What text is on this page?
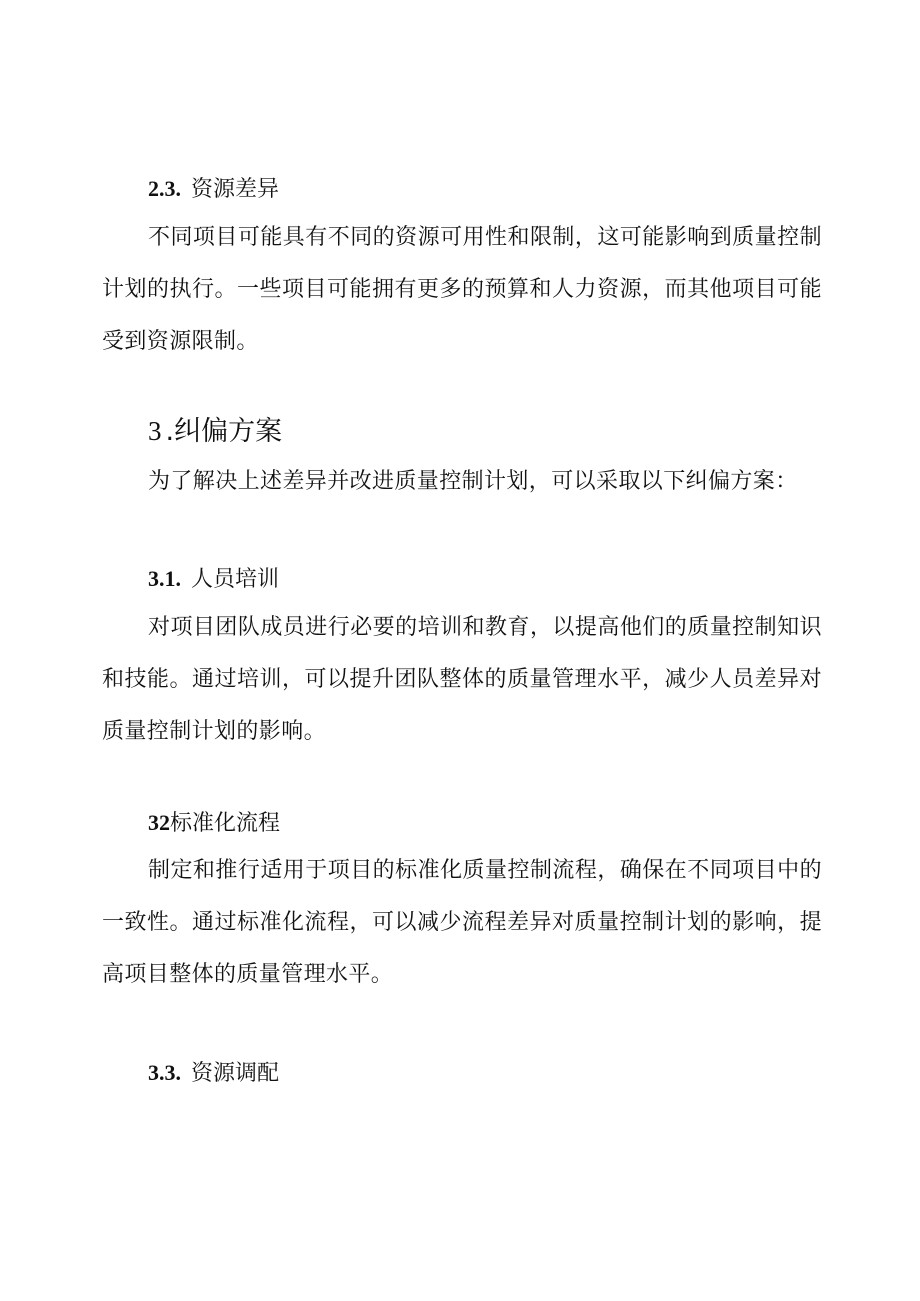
2.3. 资源差异

不同项目可能具有不同的资源可用性和限制，这可能影响到质量控制计划的执行。一些项目可能拥有更多的预算和人力资源，而其他项目可能受到资源限制。

3 .纠偏方案

为了解决上述差异并改进质量控制计划，可以采取以下纠偏方案：

3.1. 人员培训

对项目团队成员进行必要的培训和教育，以提高他们的质量控制知识和技能。通过培训，可以提升团队整体的质量管理水平，减少人员差异对质量控制计划的影响。

32标准化流程

制定和推行适用于项目的标准化质量控制流程，确保在不同项目中的一致性。通过标准化流程，可以减少流程差异对质量控制计划的影响，提高项目整体的质量管理水平。

3.3. 资源调配
